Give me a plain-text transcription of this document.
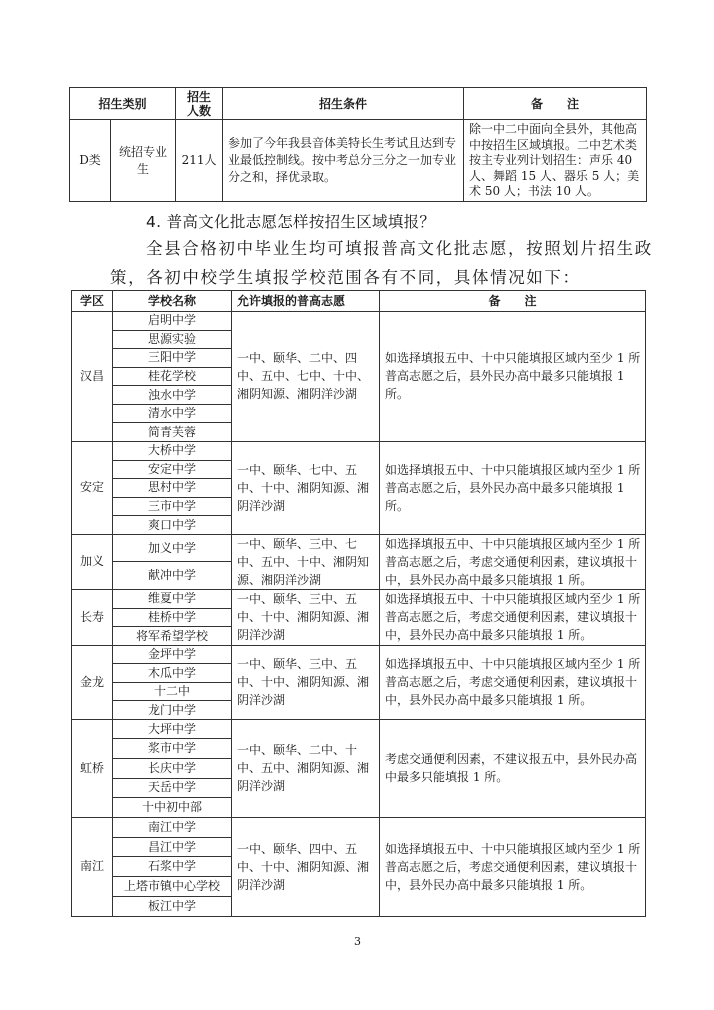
招生类别		招生人数	招生条件	备　　注
D类	统招专业生	211人	参加了今年我县音体美特长生考试且达到专业最低控制线。按中考总分三分之一加专业分之和，择优录取。	除一中二中面向全县外，其他高中按招生区域填报。二中艺术类按主专业列计划招生：声乐 40 人、舞蹈 15 人、器乐 5 人；美术 50 人；书法 10 人。
4. 普高文化批志愿怎样按招生区域填报？
全县合格初中毕业生均可填报普高文化批志愿，按照划片招生政
策，各初中校学生填报学校范围各有不同，具体情况如下：
学区	学校名称	允许填报的普高志愿	备　　注
汉昌	启明中学	一中、颐华、二中、四中、五中、七中、十中、湘阴知源、湘阴洋沙湖	如选择填报五中、十中只能填报区域内至少 1 所普高志愿之后，县外民办高中最多只能填报 1 所。
	思源实验		
	三阳中学		
	桂花学校		
	浊水中学		
	清水中学		
	简青芙蓉		
安定	大桥中学	一中、颐华、七中、五中、十中、湘阴知源、湘阴洋沙湖	如选择填报五中、十中只能填报区域内至少 1 所普高志愿之后，县外民办高中最多只能填报 1 所。
	安定中学		
	思村中学		
	三市中学		
	爽口中学		
加义	加义中学	一中、颐华、三中、七中、五中、十中、湘阴知源、湘阴洋沙湖	如选择填报五中、十中只能填报区域内至少 1 所普高志愿之后，考虑交通便利因素，建议填报十中，县外民办高中最多只能填报 1 所。
	献冲中学		
长寿	维夏中学	一中、颐华、三中、五中、十中、湘阴知源、湘阴洋沙湖	如选择填报五中、十中只能填报区域内至少 1 所普高志愿之后，考虑交通便利因素，建议填报十中，县外民办高中最多只能填报 1 所。
	桂桥中学		
	将军希望学校		
金龙	金坪中学	一中、颐华、三中、五中、十中、湘阴知源、湘阴洋沙湖	如选择填报五中、十中只能填报区域内至少 1 所普高志愿之后，考虑交通便利因素，建议填报十中，县外民办高中最多只能填报 1 所。
	木瓜中学		
	十二中		
	龙门中学		
虹桥	大坪中学	一中、颐华、二中、十中、五中、湘阴知源、湘阴洋沙湖	考虑交通便利因素，不建议报五中，县外民办高中最多只能填报 1 所。
	浆市中学		
	长庆中学		
	天岳中学		
	十中初中部		
南江	南江中学	一中、颐华、四中、五中、十中、湘阴知源、湘阴洋沙湖	如选择填报五中、十中只能填报区域内至少 1 所普高志愿之后，考虑交通便利因素，建议填报十中，县外民办高中最多只能填报 1 所。
	昌江中学		
	石浆中学		
	上塔市镇中心学校		
	板江中学		
3
